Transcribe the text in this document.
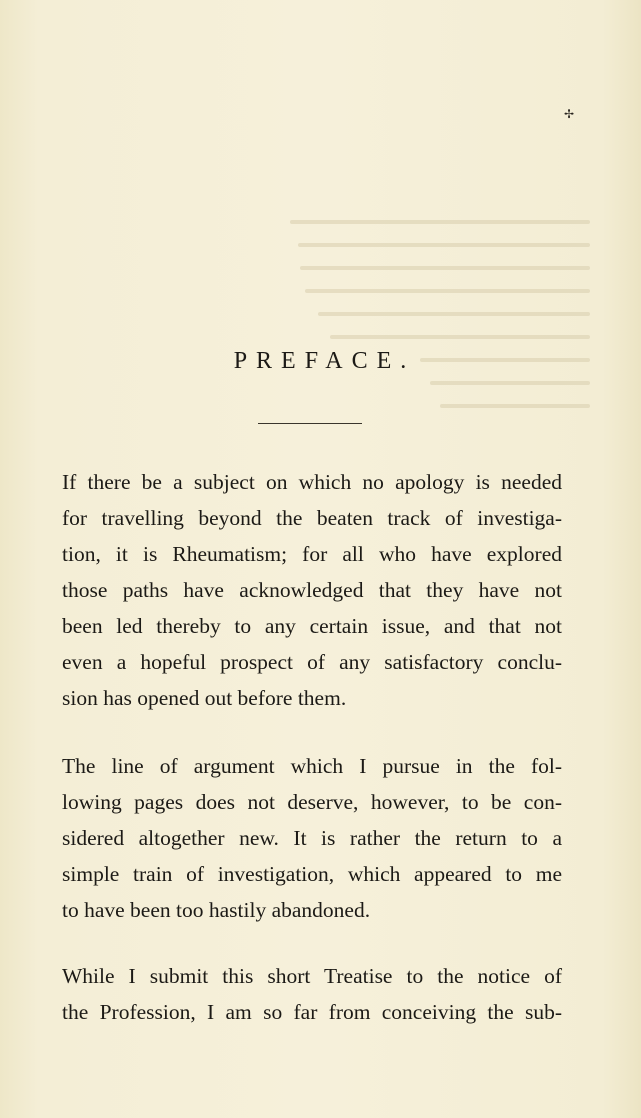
✢
PREFACE.
If there be a subject on which no apology is needed
for travelling beyond the beaten track of investiga-
tion, it is Rheumatism; for all who have explored
those paths have acknowledged that they have not
been led thereby to any certain issue, and that not
even a hopeful prospect of any satisfactory conclu-
sion has opened out before them.
The line of argument which I pursue in the fol-
lowing pages does not deserve, however, to be con-
sidered altogether new. It is rather the return to a
simple train of investigation, which appeared to me
to have been too hastily abandoned.
While I submit this short Treatise to the notice of
the Profession, I am so far from conceiving the sub-
